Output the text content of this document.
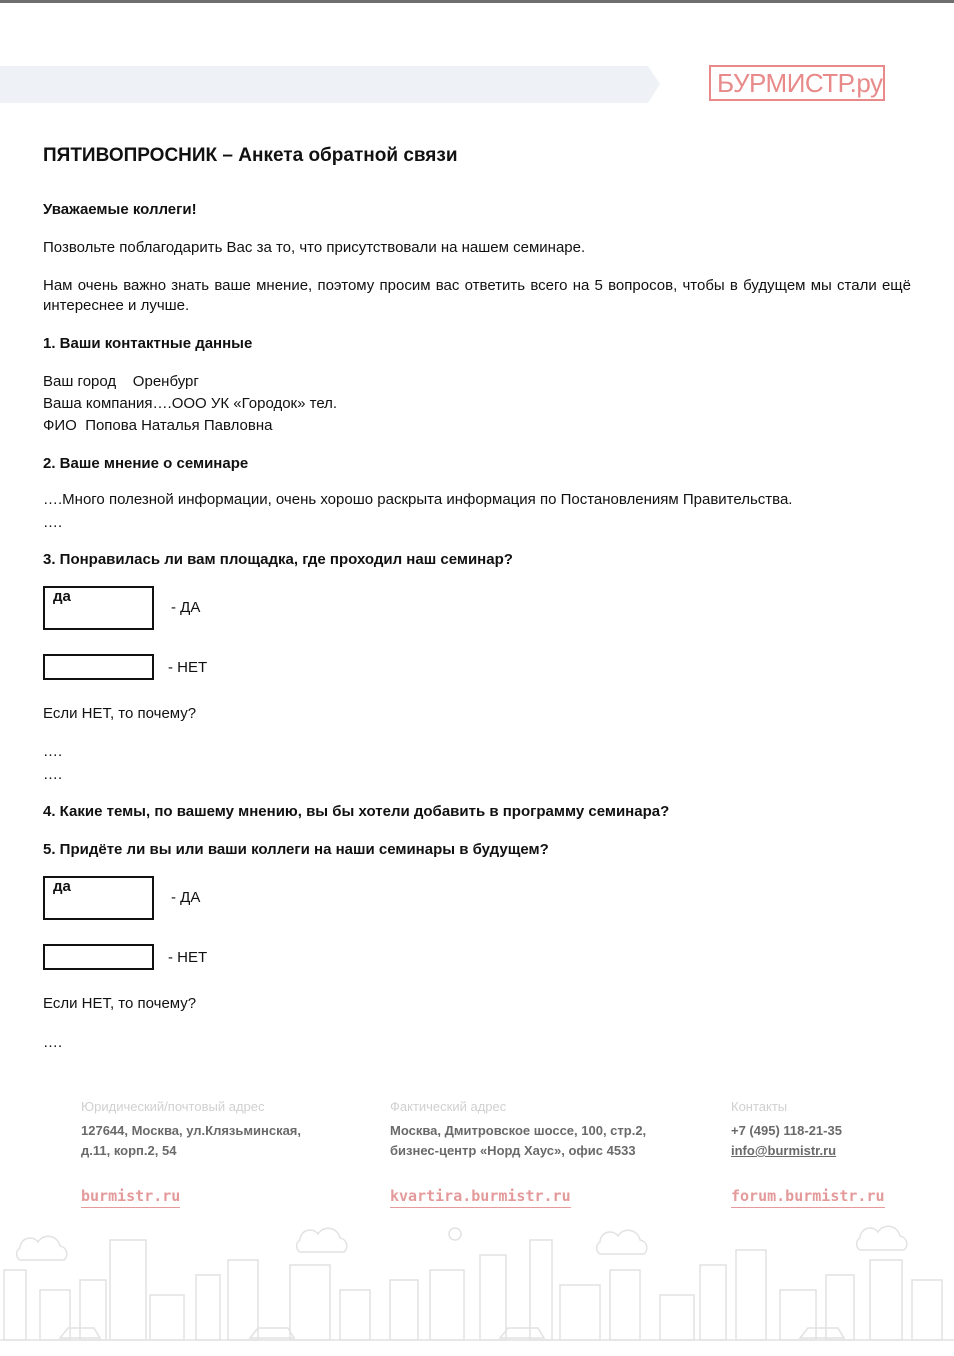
БУРМИСТР.ру
ПЯТИВОПРОСНИК – Анкета обратной связи
Уважаемые коллеги!
Позвольте поблагодарить Вас за то, что присутствовали на нашем семинаре.
Нам очень важно знать ваше мнение, поэтому просим вас ответить всего на 5 вопросов, чтобы в будущем мы стали ещё интереснее и лучше.
1. Ваши контактные данные
Ваш город    Оренбург
Ваша компания….ООО УК «Городок» тел.
ФИО  Попова Наталья Павловна
2. Ваше мнение о семинаре
….Много полезной информации, очень хорошо раскрыта информация по Постановлениям Правительства.
….
3. Понравилась ли вам площадка, где проходил наш семинар?
да
- ДА
- НЕТ
Если НЕТ, то почему?
….
….
4. Какие темы, по вашему мнению, вы бы хотели добавить в программу семинара?
5. Придёте ли вы или ваши коллеги на наши семинары в будущем?
да
- ДА
- НЕТ
Если НЕТ, то почему?
….
Юридический/почтовый адрес
127644, Москва, ул.Клязьминская,
д.11, корп.2, 54
burmistr.ru
Фактический адрес
Москва, Дмитровское шоссе, 100, стр.2,
бизнес-центр «Норд Хаус», офис 4533
kvartira.burmistr.ru
Контакты
+7 (495) 118-21-35
info@burmistr.ru
forum.burmistr.ru
